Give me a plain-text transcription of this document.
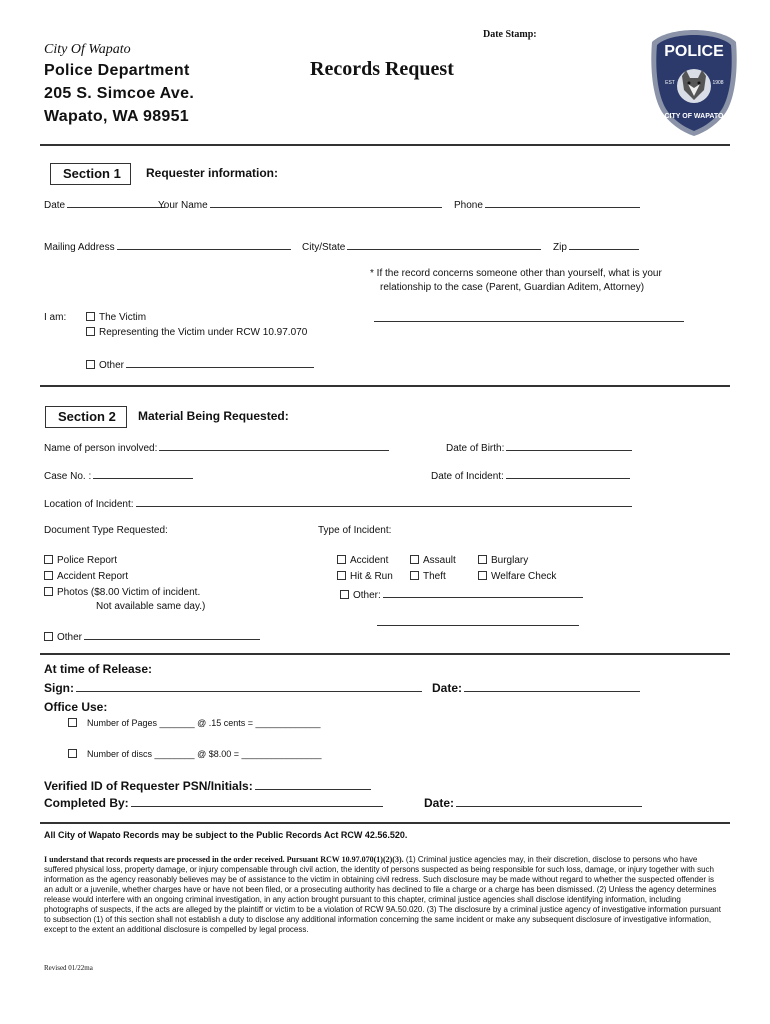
Date Stamp:
City Of Wapato
Police Department
205 S. Simcoe Ave.
Wapato, WA 98951
Records Request
POLICE
EST	1908
CITY OF WAPATO
Section 1	Requester information:
Date	Your Name	Phone
Mailing Address	City/State	Zip
* If the record concerns someone other than yourself, what is your
relationship to the case (Parent, Guardian Aditem, Attorney)
I am:	The Victim
Representing the Victim under RCW 10.97.070
Other
Section 2	Material Being Requested:
Name of person involved:	Date of Birth:
Case No. :	Date of Incident:
Location of Incident:
Document Type Requested:	Type of Incident:
Police Report
Accident Report
Photos ($8.00 Victim of incident.
Not available same day.)
Other
Accident	Assault	Burglary
Hit & Run	Theft	Welfare Check
Other:
At time of Release:
Sign:	Date:
Office Use:
Number of Pages _______ @ .15 cents = _____________
Number of discs ________ @ $8.00 = ________________
Verified ID of Requester PSN/Initials:
Completed By:	Date:
All City of Wapato Records may be subject to the Public Records Act RCW 42.56.520.
I understand that records requests are processed in the order received. Pursuant RCW 10.97.070(1)(2)(3). (1) Criminal justice agencies may, in their discretion, disclose to persons who have suffered physical loss, property damage, or injury compensable through civil action, the identity of persons suspected as being responsible for such loss, damage, or injury together with such information as the agency reasonably believes may be of assistance to the victim in obtaining civil redress. Such disclosure may be made without regard to whether the suspected offender is an adult or a juvenile, whether charges have or have not been filed, or a prosecuting authority has declined to file a charge or a charge has been dismissed. (2) Unless the agency determines release would interfere with an ongoing criminal investigation, in any action brought pursuant to this chapter, criminal justice agencies shall disclose identifying information, including photographs of suspects, if the acts are alleged by the plaintiff or victim to be a violation of RCW 9A.50.020. (3) The disclosure by a criminal justice agency of investigative information pursuant to subsection (1) of this section shall not establish a duty to disclose any additional information concerning the same incident or make any subsequent disclosure of investigative information, except to the extent an additional disclosure is compelled by legal process.
Revised 01/22ma
